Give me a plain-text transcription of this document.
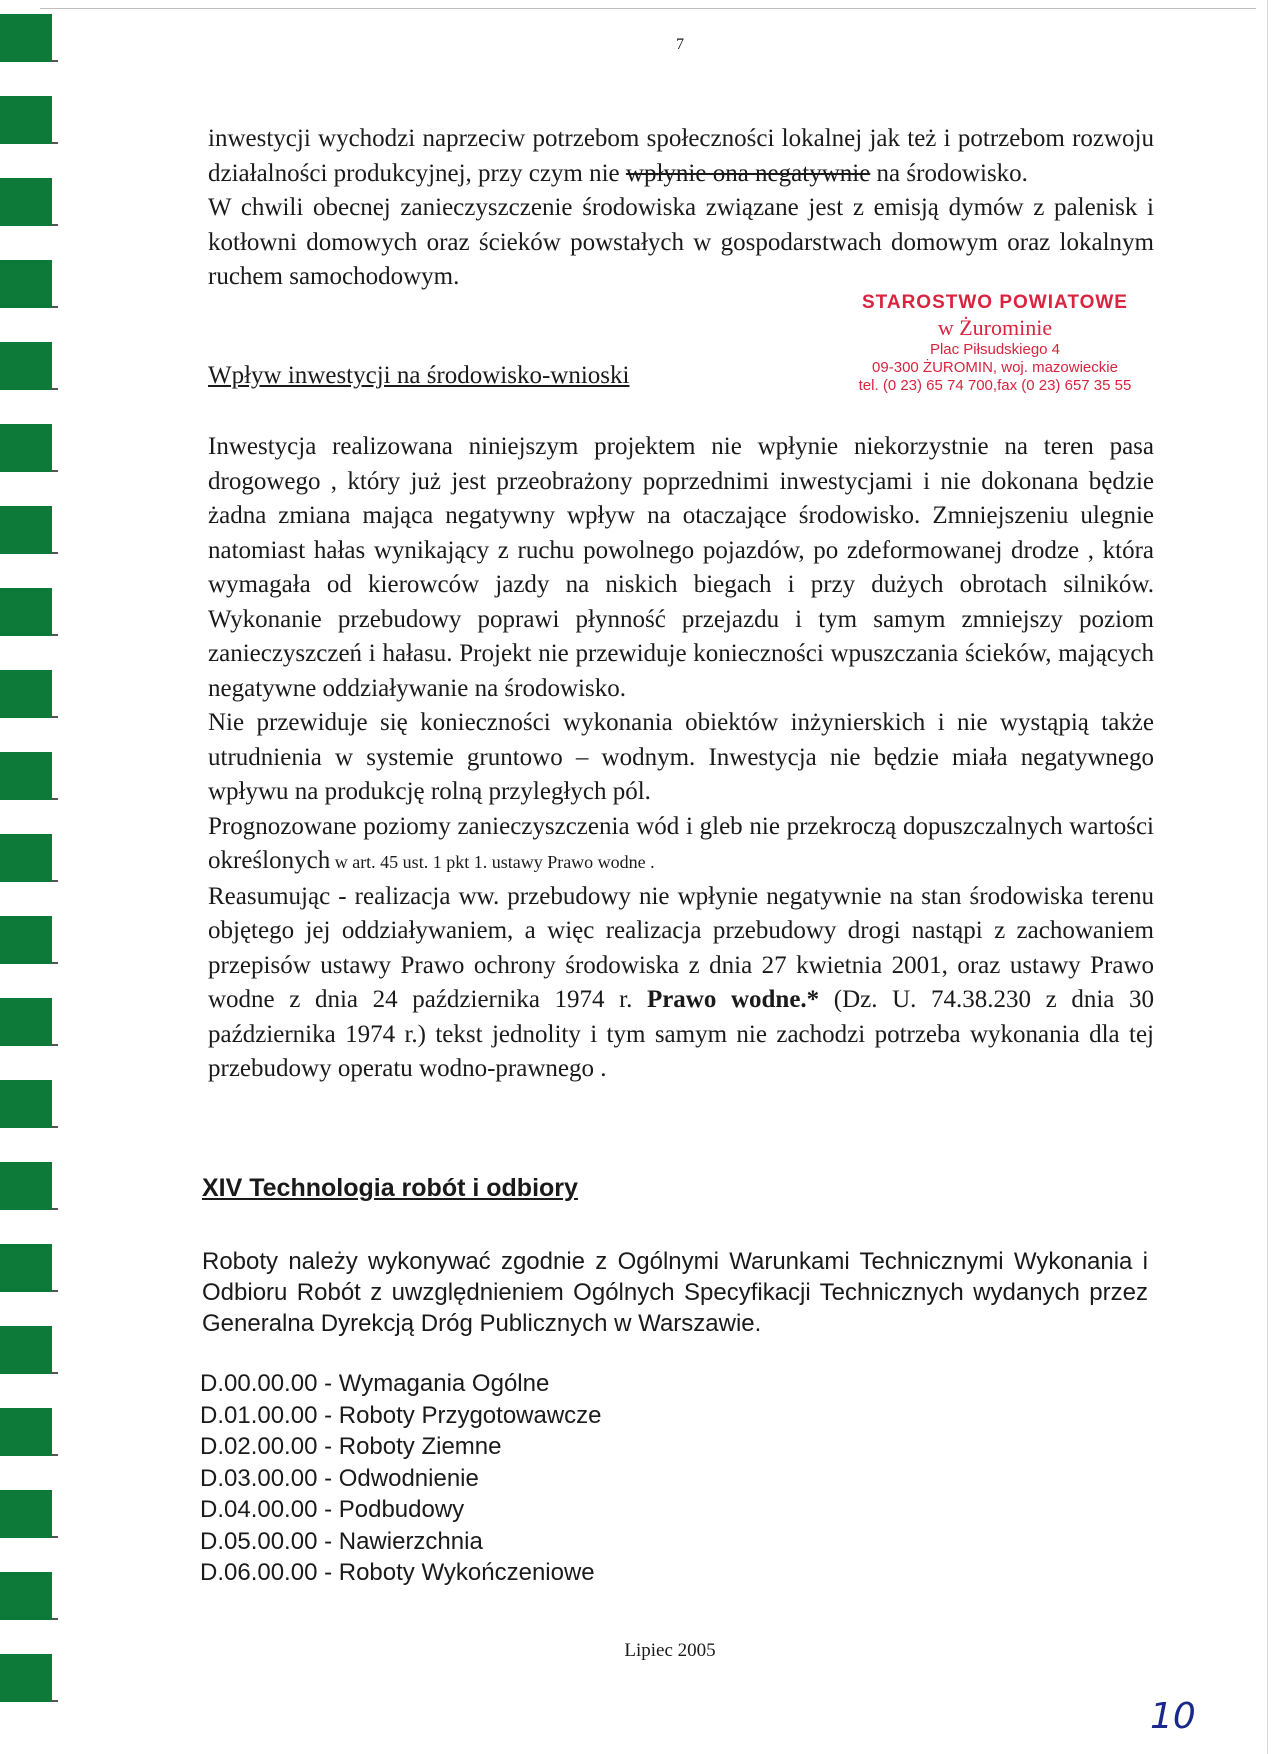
7

inwestycji wychodzi naprzeciw potrzebom społeczności lokalnej jak też i potrzebom rozwoju działalności produkcyjnej, przy czym nie wpłynie ona negatywnie na środowisko.

W chwili obecnej zanieczyszczenie środowiska związane jest z emisją dymów z palenisk i kotłowni domowych oraz ścieków powstałych w gospodarstwach domowym oraz lokalnym ruchem samochodowym.

STAROSTWO POWIATOWE
w Żurominie
Plac Piłsudskiego 4
09-300 ŻUROMIN, woj. mazowieckie
tel. (0 23) 65 74 700,fax (0 23) 657 35 55
Wpływ inwestycji na środowisko-wnioski

Inwestycja realizowana niniejszym projektem nie wpłynie niekorzystnie na teren pasa drogowego , który już jest przeobrażony poprzednimi inwestycjami i nie dokonana będzie żadna zmiana mająca negatywny wpływ na otaczające środowisko. Zmniejszeniu ulegnie natomiast hałas wynikający z ruchu powolnego pojazdów, po zdeformowanej drodze , która wymagała od kierowców jazdy na niskich biegach i przy dużych obrotach silników. Wykonanie przebudowy poprawi płynność przejazdu i tym samym zmniejszy poziom zanieczyszczeń i hałasu. Projekt nie przewiduje konieczności wpuszczania ścieków, mających negatywne oddziaływanie na środowisko.

Nie przewiduje się konieczności wykonania obiektów inżynierskich i nie wystąpią także utrudnienia w systemie gruntowo – wodnym. Inwestycja nie będzie miała negatywnego wpływu na produkcję rolną przyległych pól.

Prognozowane poziomy zanieczyszczenia wód i gleb nie przekroczą dopuszczalnych wartości określonych w art. 45 ust. 1 pkt 1. ustawy Prawo wodne .

Reasumując - realizacja ww. przebudowy nie wpłynie negatywnie na stan środowiska terenu objętego jej oddziaływaniem, a więc realizacja przebudowy drogi nastąpi z zachowaniem przepisów ustawy Prawo ochrony środowiska z dnia 27 kwietnia 2001, oraz ustawy Prawo wodne z dnia 24 października 1974 r. Prawo wodne.* (Dz. U. 74.38.230 z dnia 30 października 1974 r.) tekst jednolity i tym samym nie zachodzi potrzeba wykonania dla tej przebudowy operatu wodno-prawnego .

XIV Technologia robót i odbiory
Roboty należy wykonywać zgodnie z Ogólnymi Warunkami Technicznymi Wykonania i Odbioru Robót z uwzględnieniem Ogólnych Specyfikacji Technicznych wydanych przez Generalna Dyrekcją Dróg Publicznych w Warszawie.
D.00.00.00 - Wymagania Ogólne
D.01.00.00 - Roboty Przygotowawcze
D.02.00.00 - Roboty Ziemne
D.03.00.00 - Odwodnienie
D.04.00.00 - Podbudowy
D.05.00.00 - Nawierzchnia
D.06.00.00 - Roboty Wykończeniowe
Lipiec 2005
10
